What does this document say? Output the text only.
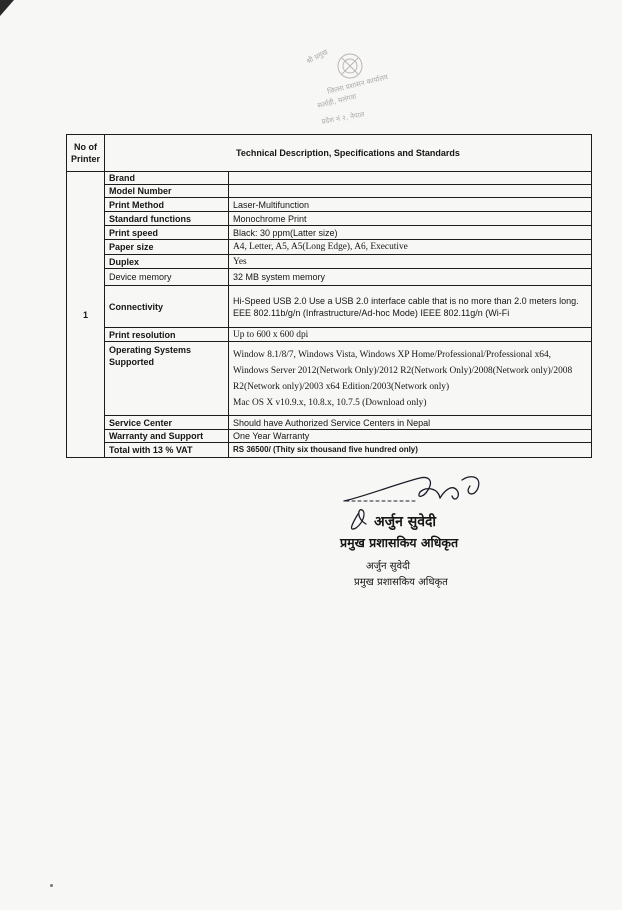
श्री प्रमुख
जिल्ला प्रशासन कार्यालय
सर्लाही, मलंगवा
प्रदेश नं २, नेपाल
No of Printer	Technical Description, Specifications and Standards	
1	Brand	
	Model Number	
	Print Method	Laser-Multifunction
	Standard functions	Monochrome Print
	Print speed	Black: 30 ppm(Latter size)
	Paper size	A4, Letter, A5, A5(Long Edge), A6, Executive
	Duplex	Yes
	Device memory	32 MB system memory
	Connectivity	Hi-Speed USB 2.0 Use a USB 2.0 interface cable that is no more than 2.0 meters long.
EEE 802.11b/g/n (Infrastructure/Ad-hoc Mode) IEEE 802.11g/n (Wi-Fi

	Print resolution	Up to 600 x 600 dpi
	Operating Systems Supported	Window 8.1/8/7, Windows Vista, Windows XP Home/Professional/Professional x64, Windows Server 2012(Network Only)/2012 R2(Network Only)/2008(Network only)/2008 R2(Network only)/2003 x64 Edition/2003(Network only)
Mac OS X v10.9.x, 10.8.x, 10.7.5 (Download only)

	Service Center	Should have Authorized Service Centers in Nepal
	Warranty and Support	One Year Warranty
	Total with 13 % VAT	RS 36500/ (Thity six thousand five hundred only)
अर्जुन सुवेदी
प्रमुख प्रशासकिय अधिकृत
अर्जुन सुवेदी
प्रमुख प्रशासकिय अधिकृत
